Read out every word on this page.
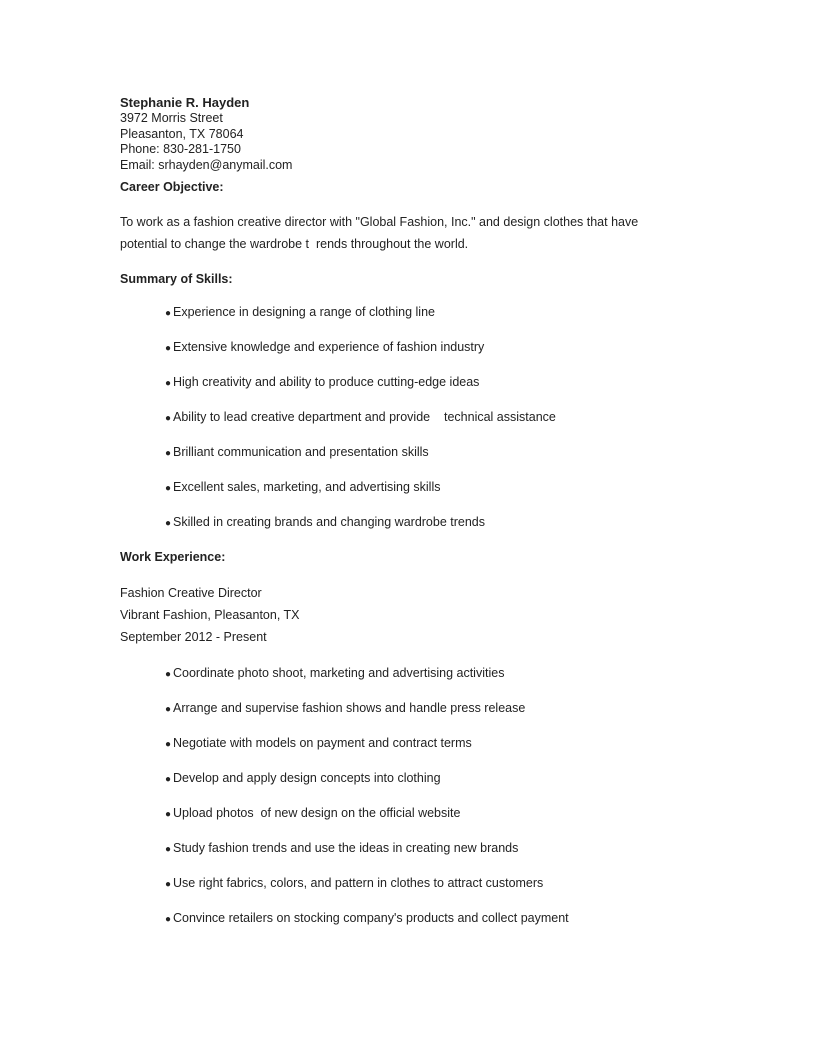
Stephanie R. Hayden

3972 Morris Street

Pleasanton, TX 78064

Phone: 830-281-1750

Email: srhayden@anymail.com

Career Objective:

To work as a fashion creative director with "Global Fashion, Inc." and design clothes that have
potential to change the wardrobe t  rends throughout the world.

Summary of Skills:

● Experience in designing a range of clothing line
● Extensive knowledge and experience of fashion industry
● High creativity and ability to produce cutting-edge ideas
● Ability to lead creative department and provide    technical assistance
● Brilliant communication and presentation skills
● Excellent sales, marketing, and advertising skills
● Skilled in creating brands and changing wardrobe trends

Work Experience:

Fashion Creative Director

Vibrant Fashion, Pleasanton, TX

September 2012 - Present

● Coordinate photo shoot, marketing and advertising activities
● Arrange and supervise fashion shows and handle press release
● Negotiate with models on payment and contract terms
● Develop and apply design concepts into clothing
● Upload photos  of new design on the official website
● Study fashion trends and use the ideas in creating new brands
● Use right fabrics, colors, and pattern in clothes to attract customers
● Convince retailers on stocking company's products and collect payment
